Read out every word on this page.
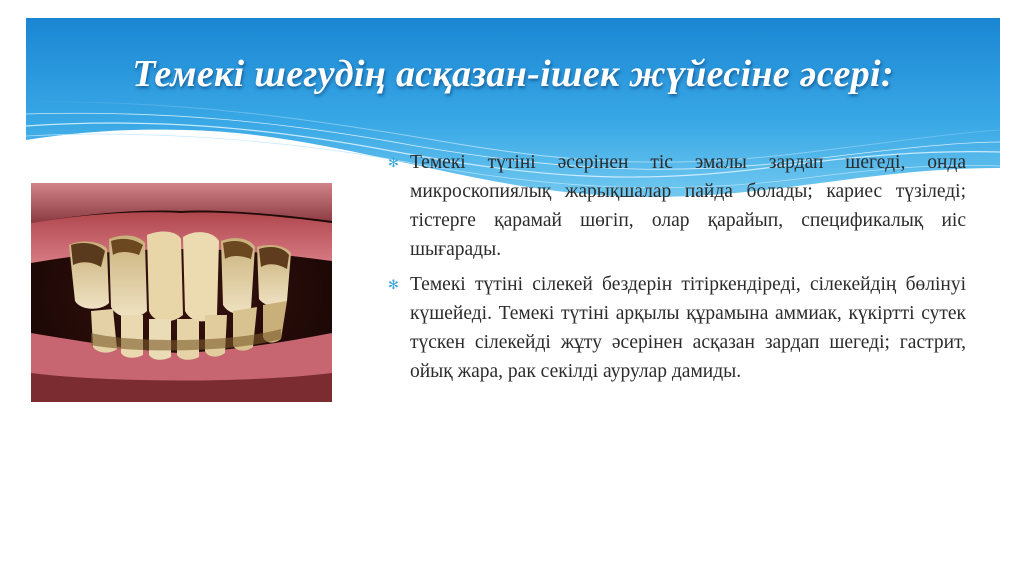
Темекі шегудің асқазан-ішек жүйесіне әсері:

✻ Темекі түтіні әсерінен тіс эмалы зардап шегеді, онда микроскопиялық жарықшалар пайда болады; кариес түзіледі; тістерге қарамай шөгіп, олар қарайып, спецификалық иіс шығарады.

✻ Темекі түтіні сілекей бездерін тітіркендіреді, сілекейдің бөлінуі күшейеді. Темекі түтіні арқылы құрамына аммиак, күкіртті сутек түскен сілекейді жұту әсерінен асқазан зардап шегеді; гастрит, ойық жара, рак секілді аурулар дамиды.
